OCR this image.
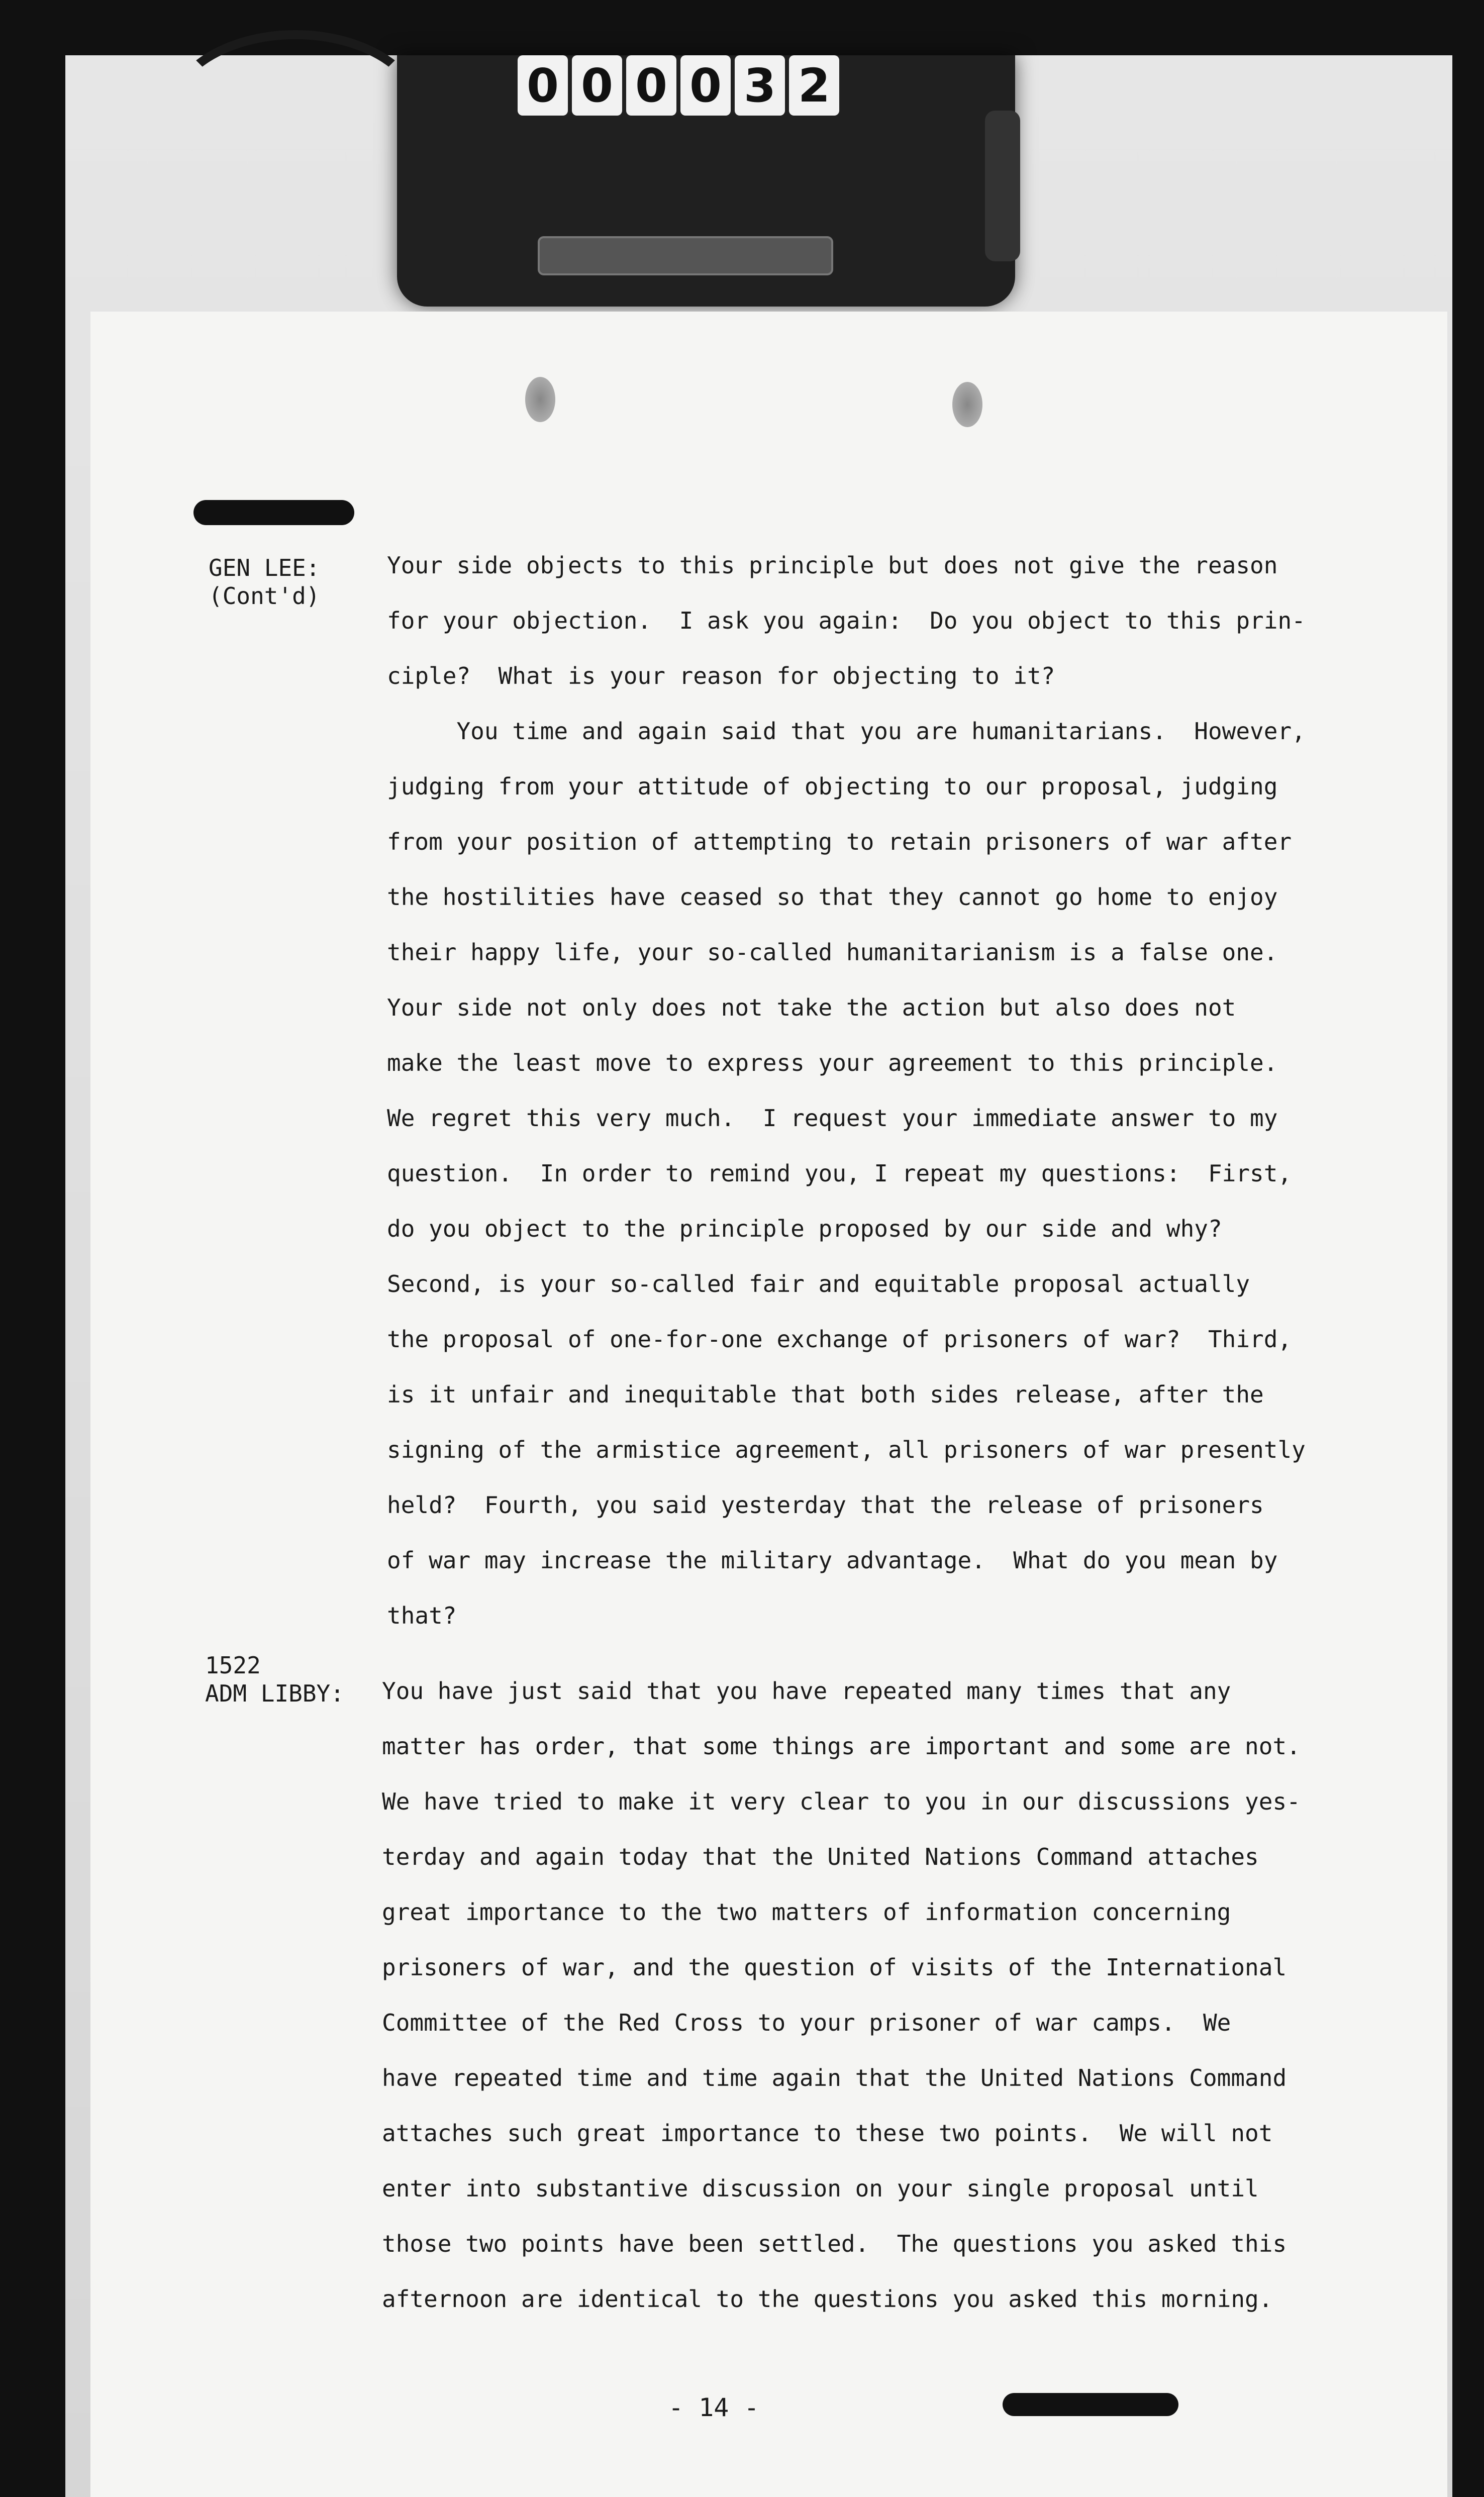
0 0 0 0 3 2
GEN LEE:
(Cont'd)
Your side objects to this principle but does not give the reason
for your objection.  I ask you again:  Do you object to this prin-
ciple?  What is your reason for objecting to it?
You time and again said that you are humanitarians.  However,
judging from your attitude of objecting to our proposal, judging
from your position of attempting to retain prisoners of war after
the hostilities have ceased so that they cannot go home to enjoy
their happy life, your so-called humanitarianism is a false one.
Your side not only does not take the action but also does not
make the least move to express your agreement to this principle.
We regret this very much.  I request your immediate answer to my
question.  In order to remind you, I repeat my questions:  First,
do you object to the principle proposed by our side and why?
Second, is your so-called fair and equitable proposal actually
the proposal of one-for-one exchange of prisoners of war?  Third,
is it unfair and inequitable that both sides release, after the
signing of the armistice agreement, all prisoners of war presently
held?  Fourth, you said yesterday that the release of prisoners
of war may increase the military advantage.  What do you mean by
that?
1522
ADM LIBBY: You have just said that you have repeated many times that any
matter has order, that some things are important and some are not.
We have tried to make it very clear to you in our discussions yes-
terday and again today that the United Nations Command attaches
great importance to the two matters of information concerning
prisoners of war, and the question of visits of the International
Committee of the Red Cross to your prisoner of war camps.  We
have repeated time and time again that the United Nations Command
attaches such great importance to these two points.  We will not
enter into substantive discussion on your single proposal until
those two points have been settled.  The questions you asked this
afternoon are identical to the questions you asked this morning.
- 14 -
